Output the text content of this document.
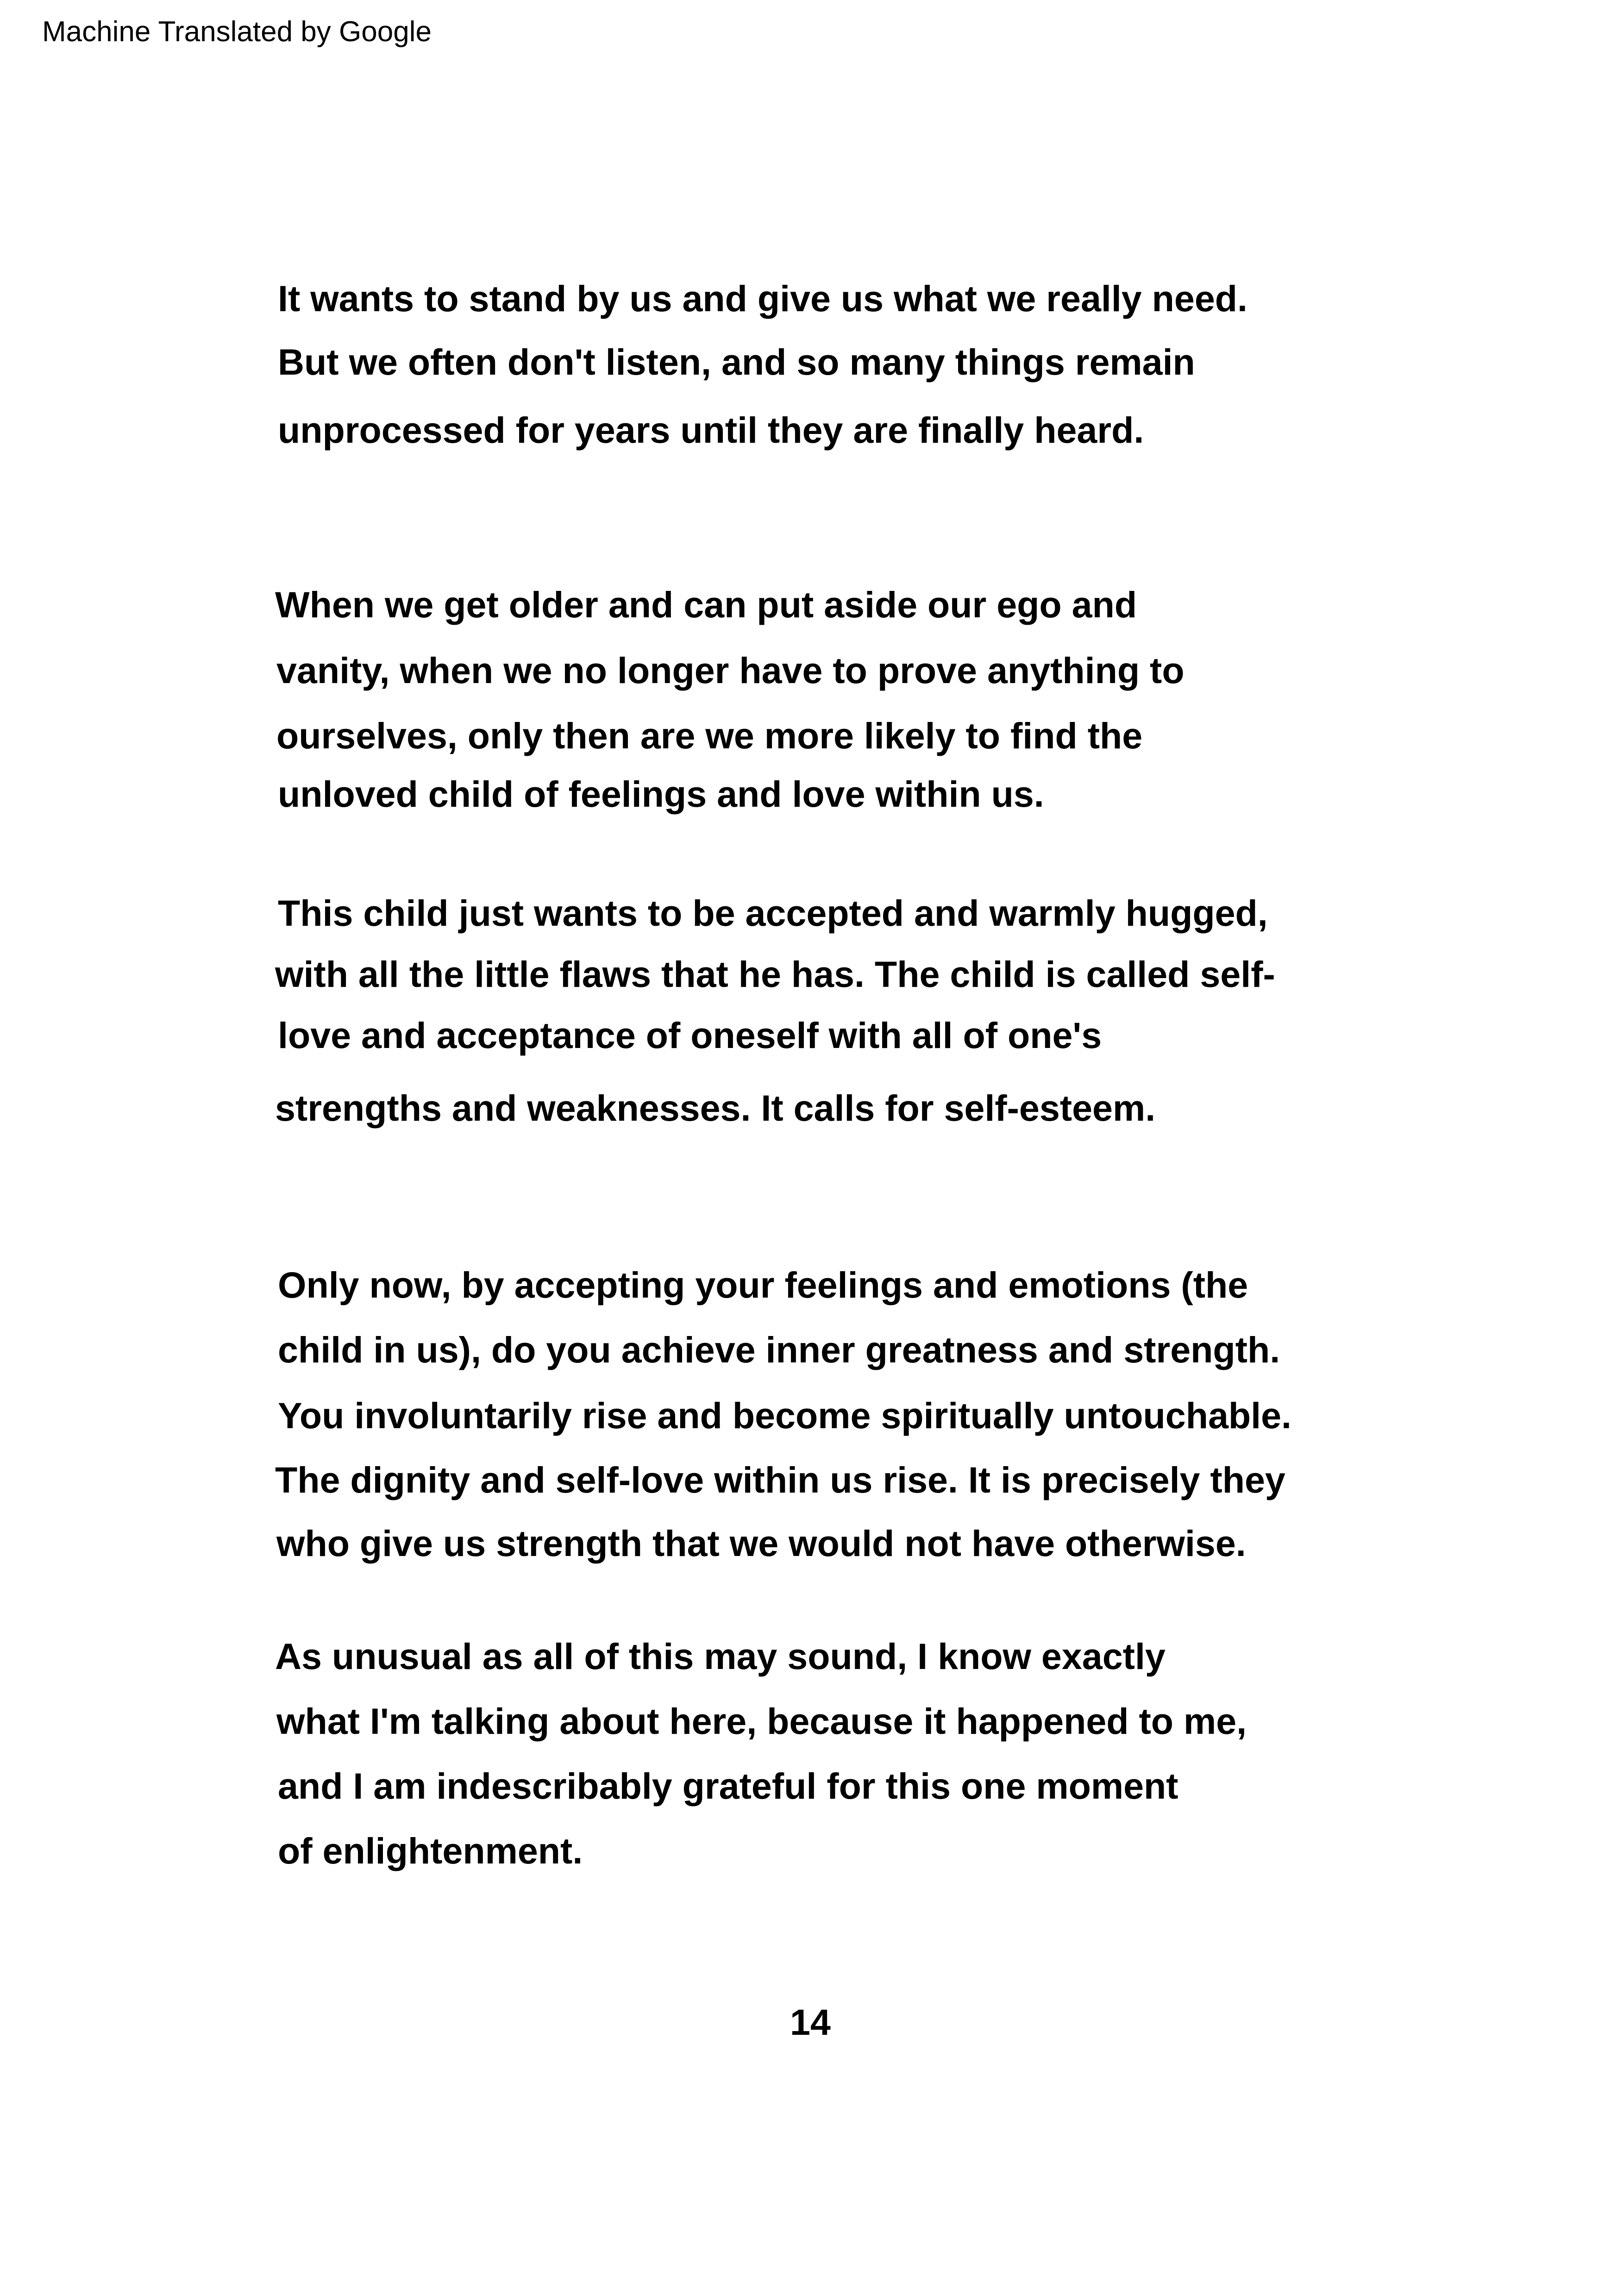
Machine Translated by Google
It wants to stand by us and give us what we really need.
But we often don't listen, and so many things remain
unprocessed for years until they are finally heard.
When we get older and can put aside our ego and
vanity, when we no longer have to prove anything to
ourselves, only then are we more likely to find the
unloved child of feelings and love within us.
This child just wants to be accepted and warmly hugged,
with all the little flaws that he has. The child is called self-
love and acceptance of oneself with all of one's
strengths and weaknesses. It calls for self-esteem.
Only now, by accepting your feelings and emotions (the
child in us), do you achieve inner greatness and strength.
You involuntarily rise and become spiritually untouchable.
The dignity and self-love within us rise. It is precisely they
who give us strength that we would not have otherwise.
As unusual as all of this may sound, I know exactly
what I'm talking about here, because it happened to me,
and I am indescribably grateful for this one moment
of enlightenment.
14
